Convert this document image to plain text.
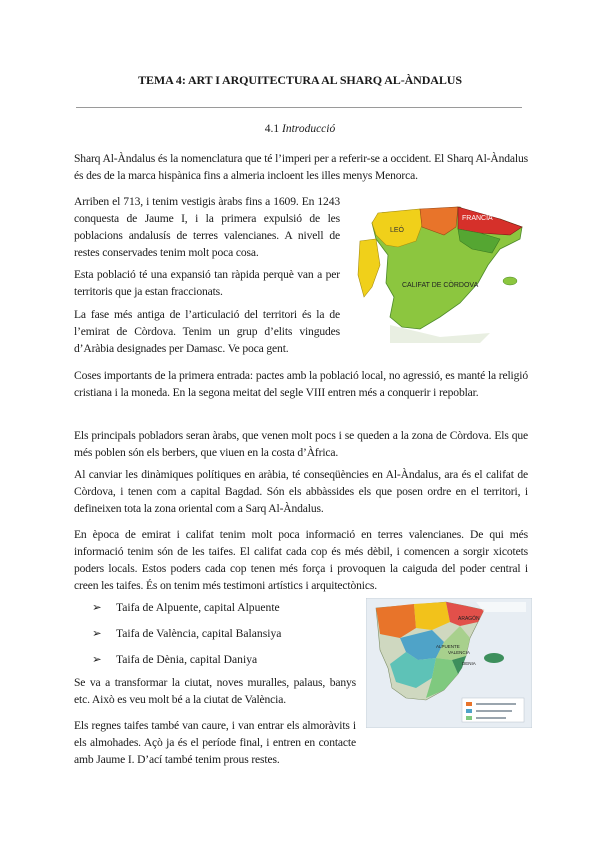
TEMA 4: ART I ARQUITECTURA AL SHARQ AL-ÀNDALUS
4.1 Introducció

Sharq Al-Àndalus és la nomenclatura que té l’imperi per a referir-se a occident. El Sharq Al-Àndalus és des de la marca hispànica fins a almeria incloent les illes menys Menorca.

Arriben el 713, i tenim vestigis àrabs fins a 1609. En 1243 conquesta de Jaume I, i la primera expulsió de les poblacions andalusís de terres valencianes. A nivell de restes conservades tenim molt poca cosa.

Esta població té una expansió tan ràpida perquè van a per territoris que ja estan fraccionats.

La fase més antiga de l’articulació del territori és la de l’emirat de Còrdova. Tenim un grup d’elits vingudes d’Aràbia designades per Damasc. Ve poca gent.

LEÓ
FRANCIA
CALIFAT DE CÒRDOVA

Coses importants de la primera entrada: pactes amb la població local, no agressió, es manté la religió cristiana i la moneda. En la segona meitat del segle VIII entren més a conquerir i repoblar.

Els principals pobladors seran àrabs, que venen molt pocs i se queden a la zona de Còrdova. Els que més poblen són els berbers, que viuen en la costa d’Àfrica.

Al canviar les dinàmiques polítiques en aràbia, té conseqüències en Al-Àndalus, ara és el califat de Còrdova, i tenen com a capital Bagdad. Són els abbàssides els que posen ordre en el territori, i defineixen tota la zona oriental com a Sarq Al-Àndalus.

En època de emirat i califat tenim molt poca informació en terres valencianes. De qui més informació tenim són de les taifes. El califat cada cop és més dèbil, i comencen a sorgir xicotets poders locals. Estos poders cada cop tenen més força i provoquen la caiguda del poder central i creen les taifes. És on tenim més testimoni artístics i arquitectònics.

➢ Taifa de Alpuente, capital Alpuente
➢ Taifa de València, capital Balansiya
➢ Taifa de Dènia, capital Daniya

Se va a transformar la ciutat, noves muralles, palaus, banys etc. Això es veu molt bé a la ciutat de València.

Els regnes taifes també van caure, i van entrar els almoràvits i els almohades. Açò ja és el període final, i entren en contacte amb Jaume I. D’ací també tenim prous restes.

ARAGÓN
ALPUENTE
VALENCIA
DENIA
